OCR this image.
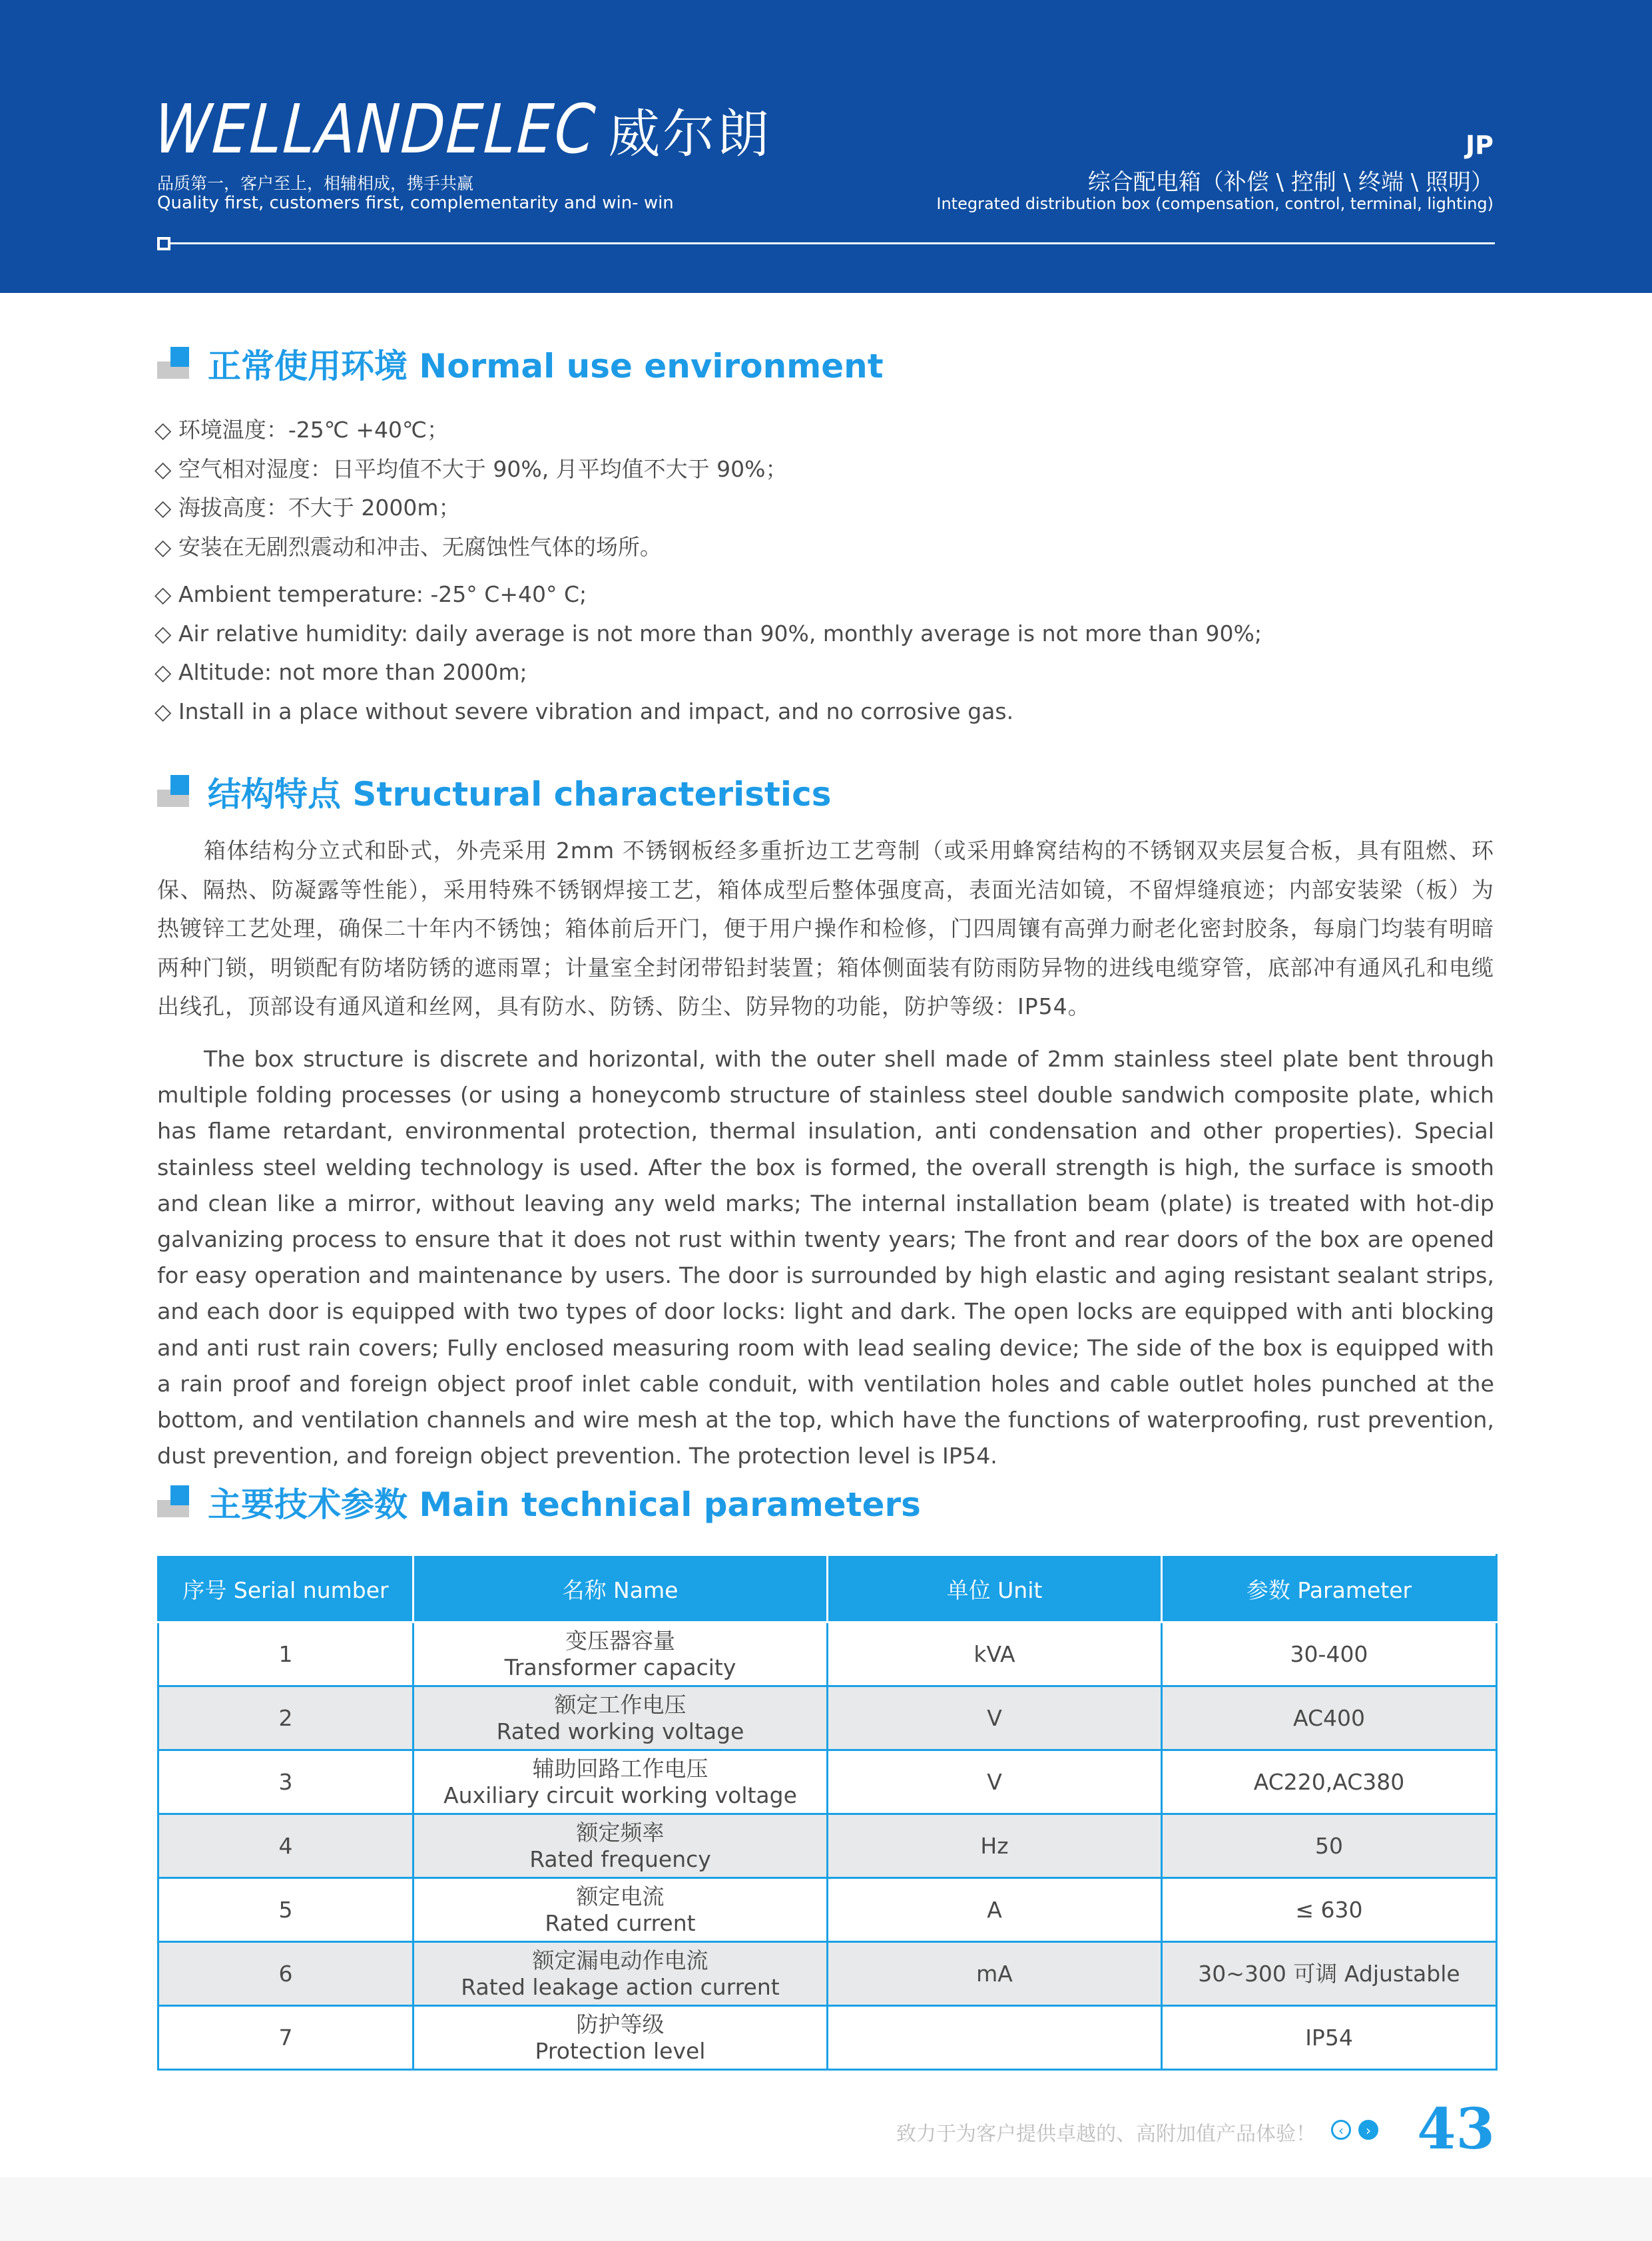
WELLANDELEC 威尔朗
品质第一，客户至上，相辅相成，携手共赢
Quality first, customers first, complementarity and win- win
JP
综合配电箱（补偿 \ 控制 \ 终端 \ 照明）
Integrated distribution box (compensation, control, terminal, lighting)
正常使用环境 Normal use environment
◇ 环境温度：-25℃ +40℃；
◇ 空气相对湿度：日平均值不大于 90%, 月平均值不大于 90%；
◇ 海拔高度：不大于 2000m；
◇ 安装在无剧烈震动和冲击、无腐蚀性气体的场所。
◇ Ambient temperature: -25° C+40° C;
◇ Air relative humidity: daily average is not more than 90%, monthly average is not more than 90%;
◇ Altitude: not more than 2000m;
◇ Install in a place without severe vibration and impact, and no corrosive gas.
结构特点 Structural characteristics
箱体结构分立式和卧式，外壳采用 2mm 不锈钢板经多重折边工艺弯制（或采用蜂窝结构的不锈钢双夹层复合板，具有阻燃、环保、隔热、防凝露等性能），采用特殊不锈钢焊接工艺，箱体成型后整体强度高，表面光洁如镜，不留焊缝痕迹；内部安装梁（板）为热镀锌工艺处理，确保二十年内不锈蚀；箱体前后开门，便于用户操作和检修，门四周镶有高弹力耐老化密封胶条，每扇门均装有明暗两种门锁，明锁配有防堵防锈的遮雨罩；计量室全封闭带铅封装置；箱体侧面装有防雨防异物的进线电缆穿管，底部冲有通风孔和电缆出线孔，顶部设有通风道和丝网，具有防水、防锈、防尘、防异物的功能，防护等级：IP54。
The box structure is discrete and horizontal, with the outer shell made of 2mm stainless steel plate bent through multiple folding processes (or using a honeycomb structure of stainless steel double sandwich composite plate, which has flame retardant, environmental protection, thermal insulation, anti condensation and other properties). Special stainless steel welding technology is used. After the box is formed, the overall strength is high, the surface is smooth and clean like a mirror, without leaving any weld marks; The internal installation beam (plate) is treated with hot-dip galvanizing process to ensure that it does not rust within twenty years; The front and rear doors of the box are opened for easy operation and maintenance by users. The door is surrounded by high elastic and aging resistant sealant strips, and each door is equipped with two types of door locks: light and dark. The open locks are equipped with anti blocking and anti rust rain covers; Fully enclosed measuring room with lead sealing device; The side of the box is equipped with a rain proof and foreign object proof inlet cable conduit, with ventilation holes and cable outlet holes punched at the bottom, and ventilation channels and wire mesh at the top, which have the functions of waterproofing, rust prevention, dust prevention, and foreign object prevention. The protection level is IP54.
主要技术参数 Main technical parameters
序号 Serial number	名称 Name	单位 Unit	参数 Parameter
1	变压器容量
Transformer capacity	kVA	30-400
2	额定工作电压
Rated working voltage	V	AC400
3	辅助回路工作电压
Auxiliary circuit working voltage	V	AC220,AC380
4	额定频率
Rated frequency	Hz	50
5	额定电流
Rated current	A	≤ 630
6	额定漏电动作电流
Rated leakage action current	mA	30~300 可调 Adjustable
7	防护等级
Protection level		IP54
致力于为客户提供卓越的、高附加值产品体验！	‹	› 43
